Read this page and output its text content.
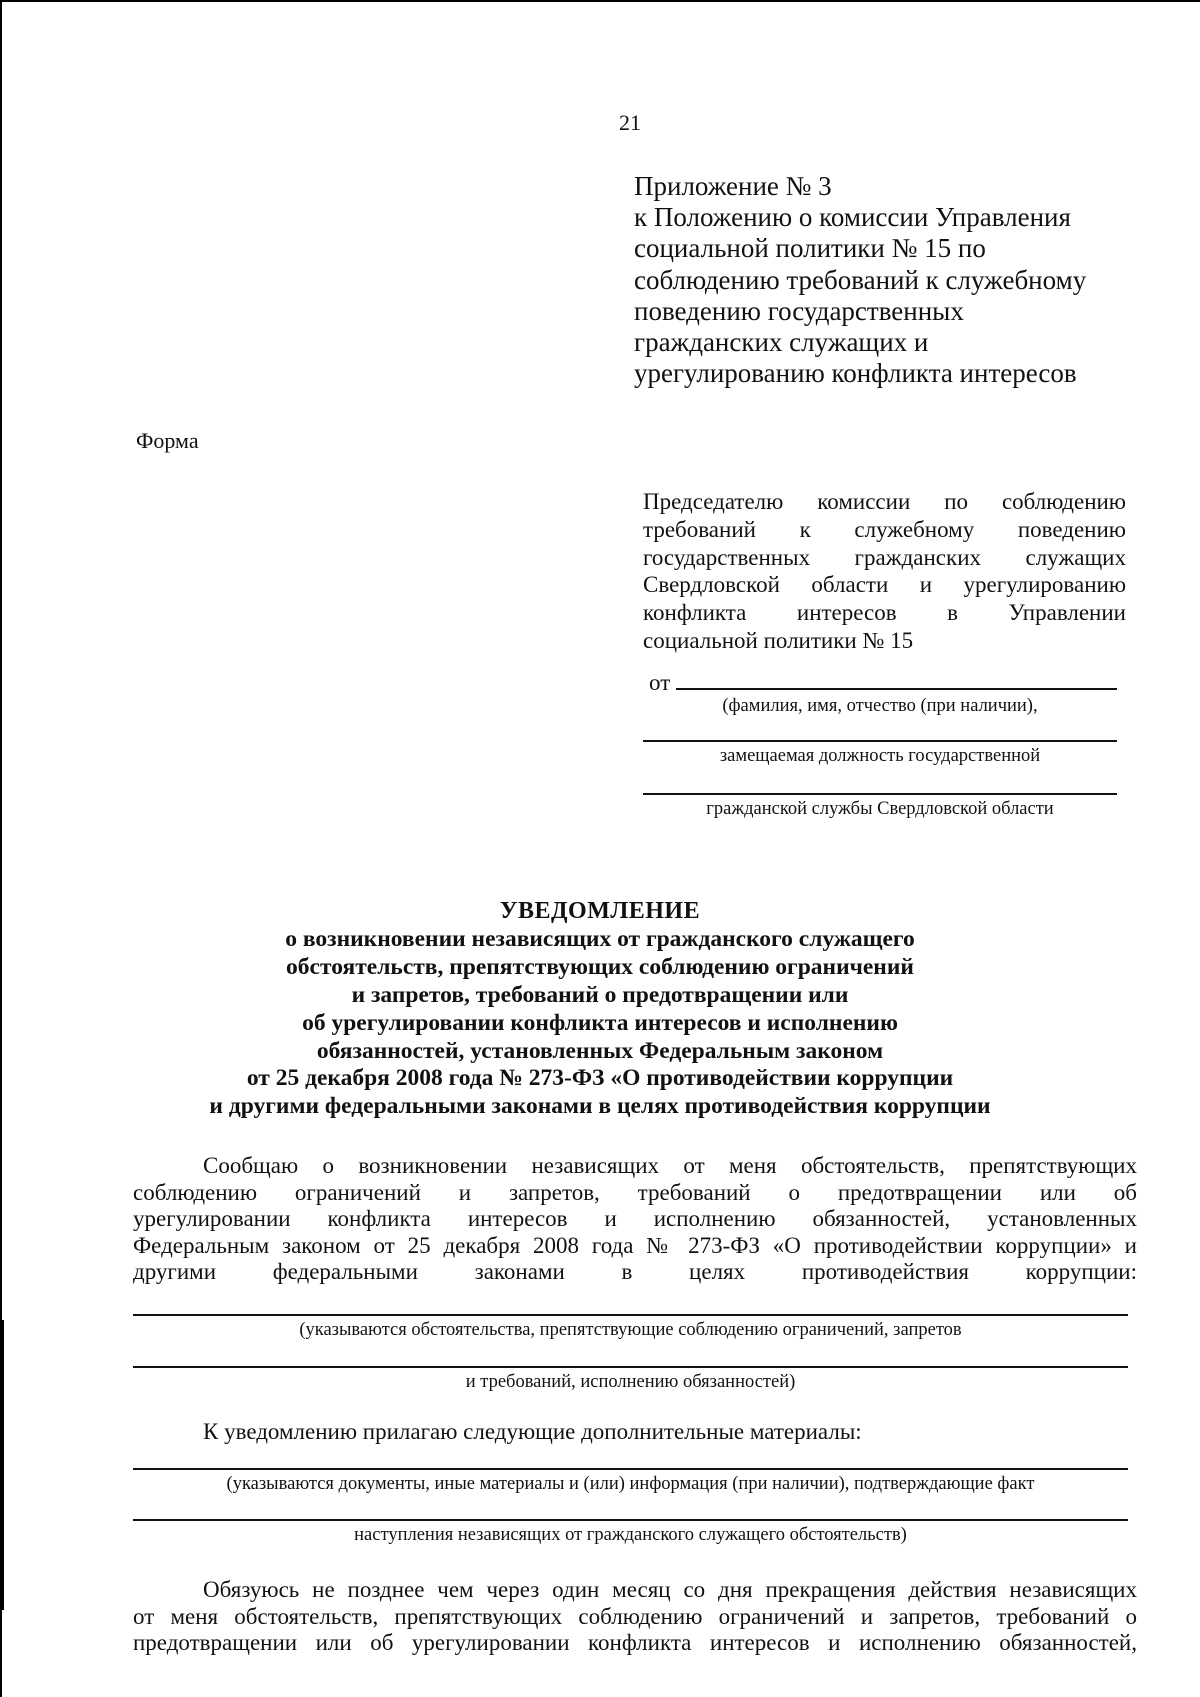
21
Приложение № 3
к Положению о комиссии Управления
социальной политики № 15 по
соблюдению требований к служебному
поведению государственных
гражданских служащих и
урегулированию конфликта интересов
Форма
Председателю комиссии по соблюдению
требований к служебному поведению
государственных гражданских служащих
Свердловской области и урегулированию
конфликта интересов в Управлении
социальной политики № 15
от
(фамилия, имя, отчество (при наличии),
замещаемая должность государственной
гражданской службы Свердловской области
УВЕДОМЛЕНИЕ
о возникновении независящих от гражданского служащего
обстоятельств, препятствующих соблюдению ограничений
и запретов, требований о предотвращении или
об урегулировании конфликта интересов и исполнению
обязанностей, установленных Федеральным законом
от 25 декабря 2008 года № 273-ФЗ «О противодействии коррупции
и другими федеральными законами в целях противодействия коррупции
Сообщаю о возникновении независящих от меня обстоятельств, препятствующих
соблюдению ограничений и запретов, требований о предотвращении или об
урегулировании конфликта интересов и исполнению обязанностей, установленных
Федеральным законом от 25 декабря 2008 года № 273-ФЗ «О противодействии коррупции» и
другими федеральными законами в целях противодействия коррупции:
(указываются обстоятельства, препятствующие соблюдению ограничений, запретов
и требований, исполнению обязанностей)
К уведомлению прилагаю следующие дополнительные материалы:
(указываются документы, иные материалы и (или) информация (при наличии), подтверждающие факт
наступления независящих от гражданского служащего обстоятельств)
Обязуюсь не позднее чем через один месяц со дня прекращения действия независящих
от меня обстоятельств, препятствующих соблюдению ограничений и запретов, требований о
предотвращении или об урегулировании конфликта интересов и исполнению обязанностей,
